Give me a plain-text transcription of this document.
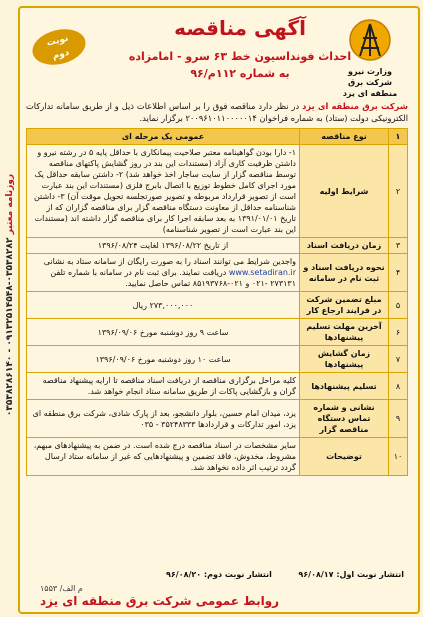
روزنامه معتبر ۰۳۵۳۸۲۸۲-۰۹۱۳۲۵۱۴۵۴۸ - ۰۳۵۳۸۲۸۶۱۴۰
نوبت
دوم
آگهی مناقصه
احداث فونداسیون خط ۶۳ سرو - امامزاده
به شماره ۱۱۲م/۹۶	وزارت نیرو
شرکت برق منطقه ای یزد
شرکت برق منطقه ای یزد در نظر دارد مناقصه فوق را بر اساس اطلاعات ذیل و از طریق سامانه تدارکات الکترونیکی دولت (ستاد) به شماره فراخوان ۲۰۰۹۶۱۰۱۱۰۰۰۰۰۱۴ برگزار نماید.
۱	نوع مناقصه	عمومی یک مرحله ای
۲	شرایط اولیه	۱- دارا بودن گواهینامه معتبر صلاحیت پیمانکاری با حداقل پایه ۵ در رشته نیرو و داشتن ظرفیت کاری آزاد (مستندات این بند در روز گشایش پاکتهای مناقصه توسط مناقصه گزار از سایت ساجار اخذ خواهد شد) ۲- داشتن سابقه حداقل یک مورد اجرای کامل خطوط توزیع با اتصال بابرج فلزی (مستندات این بند عبارت است از تصویر قرارداد مربوطه و تصویر صورتجلسه تحویل موقت آن) ۳- داشتن شناسنامه حداقل از معاونت دستگاه مناقصه گزار برای مناقصه گزاران که از تاریخ ۱۳۹۱/۰۱/۰۱ به بعد سابقه اجرا کار برای مناقصه گزار داشته اند (مستندات این بند عبارت است از تصویر شناسنامه)
۳	زمان دریافت اسناد	از تاریخ ۱۳۹۶/۰۸/۲۲ لغایت ۱۳۹۶/۰۸/۲۴
۴	نحوه دریافت اسناد و ثبت نام در سامانه	واجدین شرایط می توانند اسناد را به صورت رایگان از سامانه ستاد به نشانی www.setadiran.ir دریافت نمایند. برای ثبت نام در سامانه با شماره تلفن ۲۷۳۱۳۱ -۰۲۱ و ۰۲۱-۸۵۱۹۳۷۶۸ تماس حاصل نمایید.
۵	مبلغ تضمین شرکت در فرایند ارجاع کار	۲۷۳,۰۰۰,۰۰۰ ریال
۶	آخرین مهلت تسلیم پیشنهادها	ساعت ۹ روز دوشنبه مورخ ۱۳۹۶/۰۹/۰۶
۷	زمان گشایش پیشنهادها	ساعت ۱۰ روز دوشنبه مورخ ۱۳۹۶/۰۹/۰۶
۸	تسلیم پیشنهادها	کلیه مراحل برگزاری مناقصه از دریافت اسناد مناقصه تا ارایه پیشنهاد مناقصه گران و بازگشایی پاکات از طریق سامانه ستاد انجام خواهد شد.
۹	نشانی و شماره تماس دستگاه مناقصه گزار	یزد، میدان امام حسین، بلوار دانشجو، بعد از پارک شادی، شرکت برق منطقه ای یزد، امور تدارکات و قراردادها ۳۵۲۴۸۳۳۳ - ۰۳۵
۱۰	توضیحات	سایر مشخصات در اسناد مناقصه درج شده است. در ضمن به پیشنهادهای مبهم، مشروط، مخدوش، فاقد تضمین و پیشنهادهایی که غیر از سامانه ستاد ارسال گردد ترتیب اثر داده نخواهد شد.
انتشار نوبت اول: ۹۶/۰۸/۱۷
انتشار نوبت دوم: ۹۶/۰۸/۲۰
م الف/ ۱۵۵۳
روابط عمومی شرکت برق منطقه ای یزد
